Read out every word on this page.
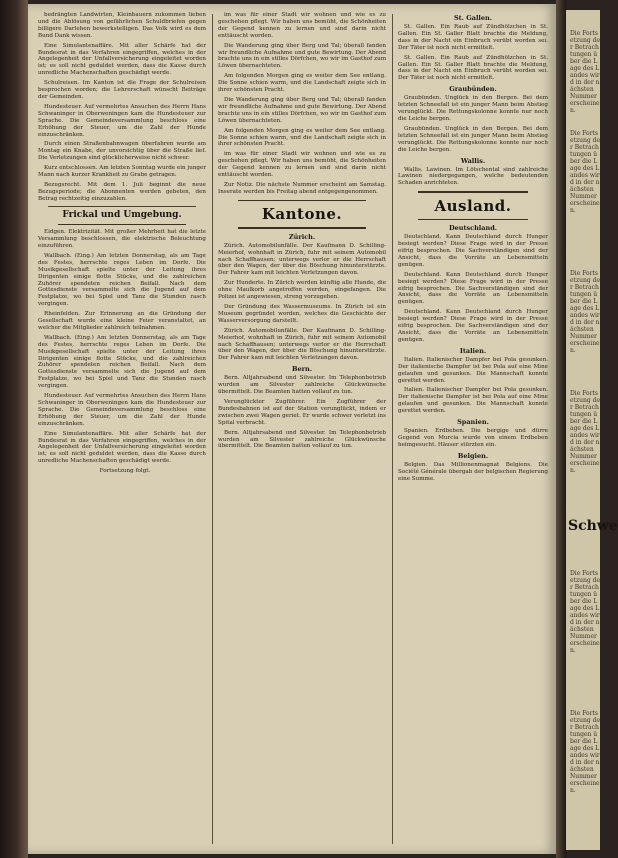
bedrängten Landwirten, Kleinbauern zukommen lieben und die Ablösung von gefährlichen Schuldbriefen gegen billigere Darlehen bewerkstelligen. Das Volk wird es dem Bund Dank wissen.

Eine Simulantenaffäre. Mit aller Schärfe hat der Bundesrat in das Verfahren eingegriffen, welches in der Angelegenheit der Unfallversicherung eingeleitet worden ist; es soll nicht geduldet werden, dass die Kasse durch unredliche Machenschaften geschädigt werde.

Schulreisen. Im Kanton ist die Frage der Schulreisen besprochen worden; die Lehrerschaft wünscht Beiträge der Gemeinden.

Hundesteuer. Auf vermehrtes Ansuchen des Herrn Hans Schwaninger in Oberweningen kam die Hundesteuer zur Sprache. Die Gemeindeversammlung beschloss eine Erhöhung der Steuer, um die Zahl der Hunde einzuschränken.

Durch einen Straßenbahnwagen überfahren wurde am Montag ein Knabe, der unvorsichtig über die Straße lief. Die Verletzungen sind glücklicherweise nicht schwer.

Kurz entschlossen. Am letzten Sonntag wurde ein junger Mann nach kurzer Krankheit zu Grabe getragen.

Bezugsrecht. Mit dem 1. Juli beginnt die neue Bezugsperiode; die Abonnenten werden gebeten, den Betrag rechtzeitig einzuzahlen.

Frickal und Umgebung.

Eidgen. Elektrizität. Mit großer Mehrheit hat die letzte Versammlung beschlossen, die elektrische Beleuchtung einzuführen.

Wallbach. (Eing.) Am letzten Donnerstag, als am Tage des Festes, herrschte reges Leben im Dorfe. Die Musikgesellschaft spielte unter der Leitung ihres Dirigenten einige flotte Stücke, und die zahlreichen Zuhörer spendeten reichen Beifall. Nach dem Gottesdienste versammelte sich die Jugend auf dem Festplatze, wo bei Spiel und Tanz die Stunden rasch vergingen.

Rheinfelden. Zur Erinnerung an die Gründung der Gesellschaft wurde eine kleine Feier veranstaltet, an welcher die Mitglieder zahlreich teilnahmen.

Wallbach. (Eing.) Am letzten Donnerstag, als am Tage des Festes, herrschte reges Leben im Dorfe. Die Musikgesellschaft spielte unter der Leitung ihres Dirigenten einige flotte Stücke, und die zahlreichen Zuhörer spendeten reichen Beifall. Nach dem Gottesdienste versammelte sich die Jugend auf dem Festplatze, wo bei Spiel und Tanz die Stunden rasch vergingen.

Hundesteuer. Auf vermehrtes Ansuchen des Herrn Hans Schwaninger in Oberweningen kam die Hundesteuer zur Sprache. Die Gemeindeversammlung beschloss eine Erhöhung der Steuer, um die Zahl der Hunde einzuschränken.

Eine Simulantenaffäre. Mit aller Schärfe hat der Bundesrat in das Verfahren eingegriffen, welches in der Angelegenheit der Unfallversicherung eingeleitet worden ist; es soll nicht geduldet werden, dass die Kasse durch unredliche Machenschaften geschädigt werde.

Fortsetzung folgt.

im was für einer Stadt wir wohnen und wie es zu geschehen pflegt. Wir haben uns bemüht, die Schönheiten der Gegend kennen zu lernen und sind darin nicht enttäuscht worden.

Die Wanderung ging über Berg und Tal; überall fanden wir freundliche Aufnahme und gute Bewirtung. Der Abend brachte uns in ein stilles Dörfchen, wo wir im Gasthof zum Löwen übernachteten.

Am folgenden Morgen ging es weiter dem See entlang. Die Sonne schien warm, und die Landschaft zeigte sich in ihrer schönsten Pracht.

Die Wanderung ging über Berg und Tal; überall fanden wir freundliche Aufnahme und gute Bewirtung. Der Abend brachte uns in ein stilles Dörfchen, wo wir im Gasthof zum Löwen übernachteten.

Am folgenden Morgen ging es weiter dem See entlang. Die Sonne schien warm, und die Landschaft zeigte sich in ihrer schönsten Pracht.

im was für einer Stadt wir wohnen und wie es zu geschehen pflegt. Wir haben uns bemüht, die Schönheiten der Gegend kennen zu lernen und sind darin nicht enttäuscht worden.

Zur Notiz. Die nächste Nummer erscheint am Samstag. Inserate werden bis Freitag abend entgegengenommen.

Kantone.
Zürich.

Zürich. Automobilunfälle. Der Kaufmann D. Schilling-Meierhof, wohnhaft in Zürich, fuhr mit seinem Automobil nach Schaffhausen; unterwegs verlor er die Herrschaft über den Wagen, der über die Böschung hinunterstürzte. Der Fahrer kam mit leichten Verletzungen davon.

Zur Hunderte. In Zürich werden künftig alle Hunde, die ohne Maulkorb angetroffen werden, eingefangen. Die Polizei ist angewiesen, streng vorzugehen.

Der Gründung des Wassermuseums. In Zürich ist ein Museum gegründet worden, welches die Geschichte der Wasserversorgung darstellt.

Zürich. Automobilunfälle. Der Kaufmann D. Schilling-Meierhof, wohnhaft in Zürich, fuhr mit seinem Automobil nach Schaffhausen; unterwegs verlor er die Herrschaft über den Wagen, der über die Böschung hinunterstürzte. Der Fahrer kam mit leichten Verletzungen davon.

Bern.

Bern. Altjahrsabend und Silvester. Im Telephonbetrieb wurden am Silvester zahlreiche Glückwünsche übermittelt. Die Beamten hatten vollauf zu tun.

Verunglückter Zugführer. Ein Zugführer der Bundesbahnen ist auf der Station verunglückt, indem er zwischen zwei Wagen geriet. Er wurde schwer verletzt ins Spital verbracht.

Bern. Altjahrsabend und Silvester. Im Telephonbetrieb wurden am Silvester zahlreiche Glückwünsche übermittelt. Die Beamten hatten vollauf zu tun.

St. Gallen.

St. Gallen. Ein Raub auf Zündhölzchen in St. Gallen. Ein St. Galler Blatt brachte die Meldung, dass in der Nacht ein Einbruch verübt worden sei. Der Täter ist noch nicht ermittelt.

St. Gallen. Ein Raub auf Zündhölzchen in St. Gallen. Ein St. Galler Blatt brachte die Meldung, dass in der Nacht ein Einbruch verübt worden sei. Der Täter ist noch nicht ermittelt.

Graubünden.

Graubünden. Unglück in den Bergen. Bei dem letzten Schneefall ist ein junger Mann beim Abstieg verunglückt. Die Rettungskolonne konnte nur noch die Leiche bergen.

Graubünden. Unglück in den Bergen. Bei dem letzten Schneefall ist ein junger Mann beim Abstieg verunglückt. Die Rettungskolonne konnte nur noch die Leiche bergen.

Wallis.

Wallis. Lawinen. Im Lötschental sind zahlreiche Lawinen niedergegangen, welche bedeutenden Schaden anrichteten.

Ausland.
Deutschland.

Deutschland. Kann Deutschland durch Hunger besiegt werden? Diese Frage wird in der Presse eifrig besprochen. Die Sachverständigen sind der Ansicht, dass die Vorräte an Lebensmitteln genügen.

Deutschland. Kann Deutschland durch Hunger besiegt werden? Diese Frage wird in der Presse eifrig besprochen. Die Sachverständigen sind der Ansicht, dass die Vorräte an Lebensmitteln genügen.

Deutschland. Kann Deutschland durch Hunger besiegt werden? Diese Frage wird in der Presse eifrig besprochen. Die Sachverständigen sind der Ansicht, dass die Vorräte an Lebensmitteln genügen.

Italien.

Italien. Italienischer Dampfer bei Pola gesunken. Der italienische Dampfer ist bei Pola auf eine Mine gelaufen und gesunken. Die Mannschaft konnte gerettet werden.

Italien. Italienischer Dampfer bei Pola gesunken. Der italienische Dampfer ist bei Pola auf eine Mine gelaufen und gesunken. Die Mannschaft konnte gerettet werden.

Spanien.

Spanien. Erdbeben. Die bergige und dürre Gegend von Murcia wurde von einem Erdbeben heimgesucht. Häuser stürzten ein.

Belgien.

Belgien. Das Millionenmagnat Belgiens. Die Société Générale übergab der belgischen Regierung eine Summe.

Die Fortsetzung der Betrachtungen über die Lage des Landes wird in der nächsten Nummer erscheinen.
Die Fortsetzung der Betrachtungen über die Lage des Landes wird in der nächsten Nummer erscheinen.
Die Fortsetzung der Betrachtungen über die Lage des Landes wird in der nächsten Nummer erscheinen.
Die Fortsetzung der Betrachtungen über die Lage des Landes wird in der nächsten Nummer erscheinen.
Schwe
Die Fortsetzung der Betrachtungen über die Lage des Landes wird in der nächsten Nummer erscheinen.
Die Fortsetzung der Betrachtungen über die Lage des Landes wird in der nächsten Nummer erscheinen.
